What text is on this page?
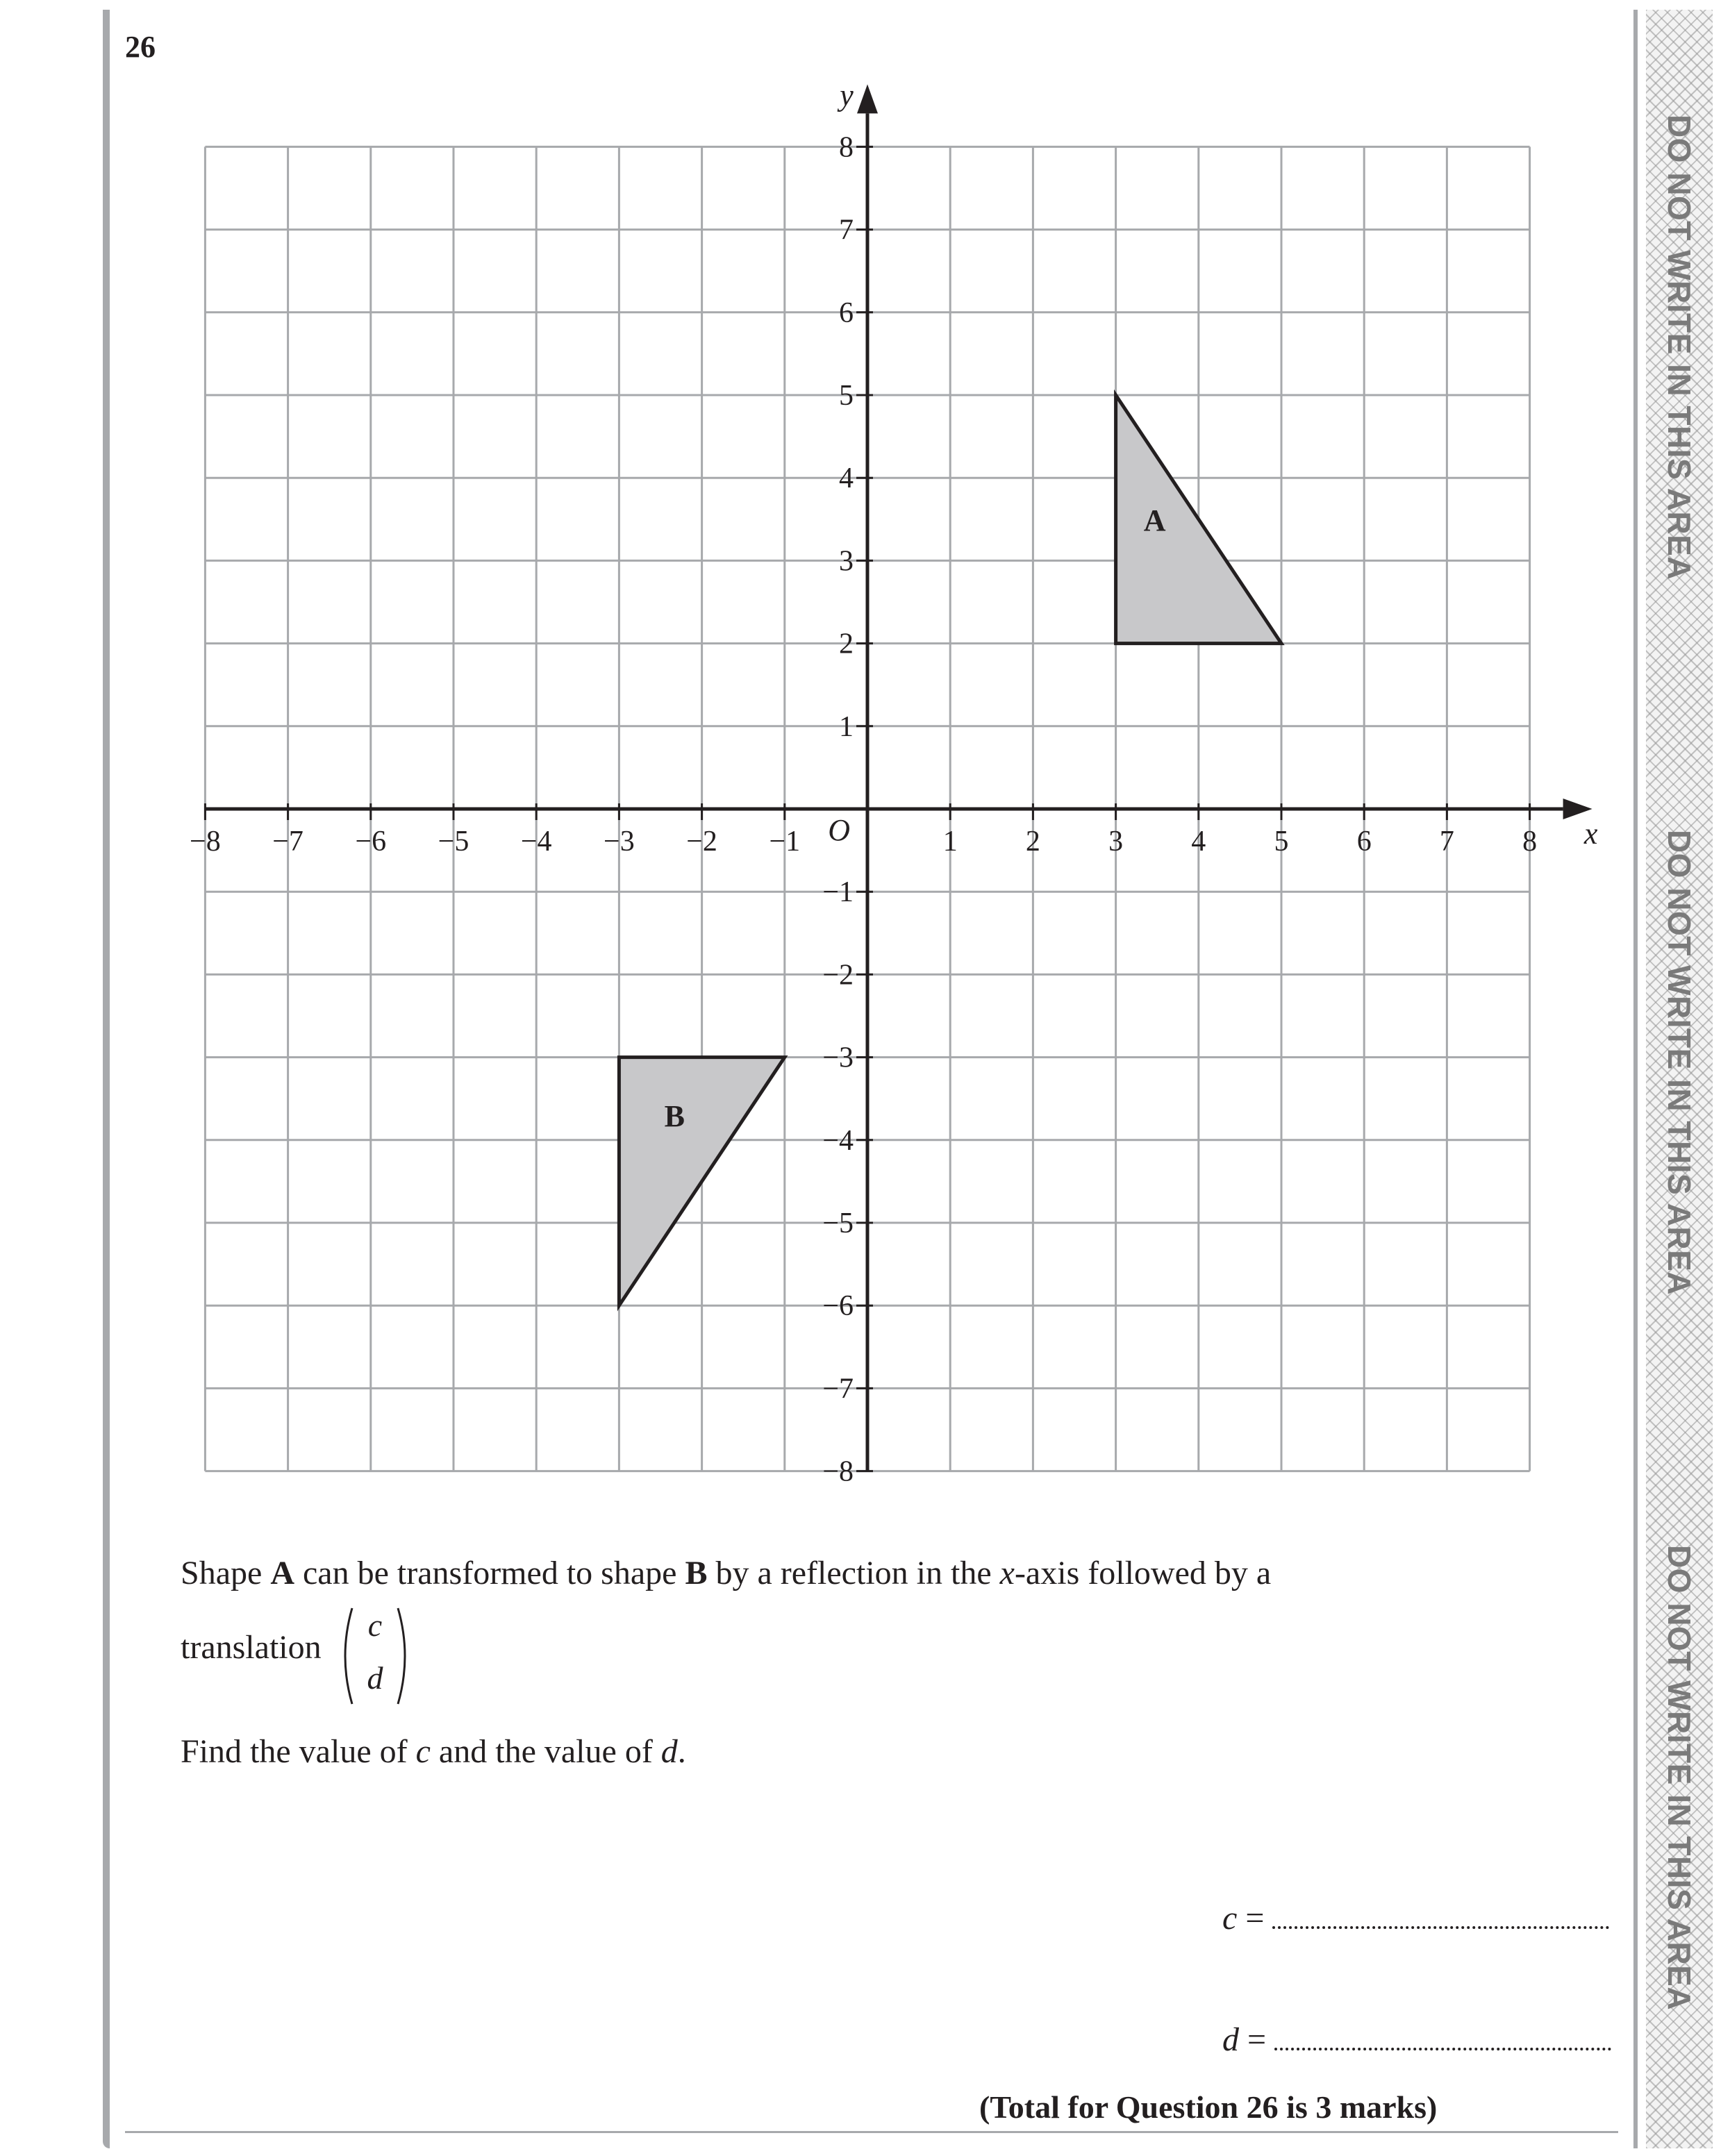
DO NOT WRITE IN THIS AREA
DO NOT WRITE IN THIS AREA
DO NOT WRITE IN THIS AREA
26
−8 −7 −6 −5 −4 −3 −2 −1	1 2 3 4 5 6 7 8
8
7
6
5
4
3
2
1
−1
−2
−3
−4
−5
−6
−7
−8
O	x
y
A
B
Shape A can be transformed to shape B by a reflection in the x-axis followed by a
translation
c
d
Find the value of c and the value of d.
c =
d =
(Total for Question 26 is 3 marks)
